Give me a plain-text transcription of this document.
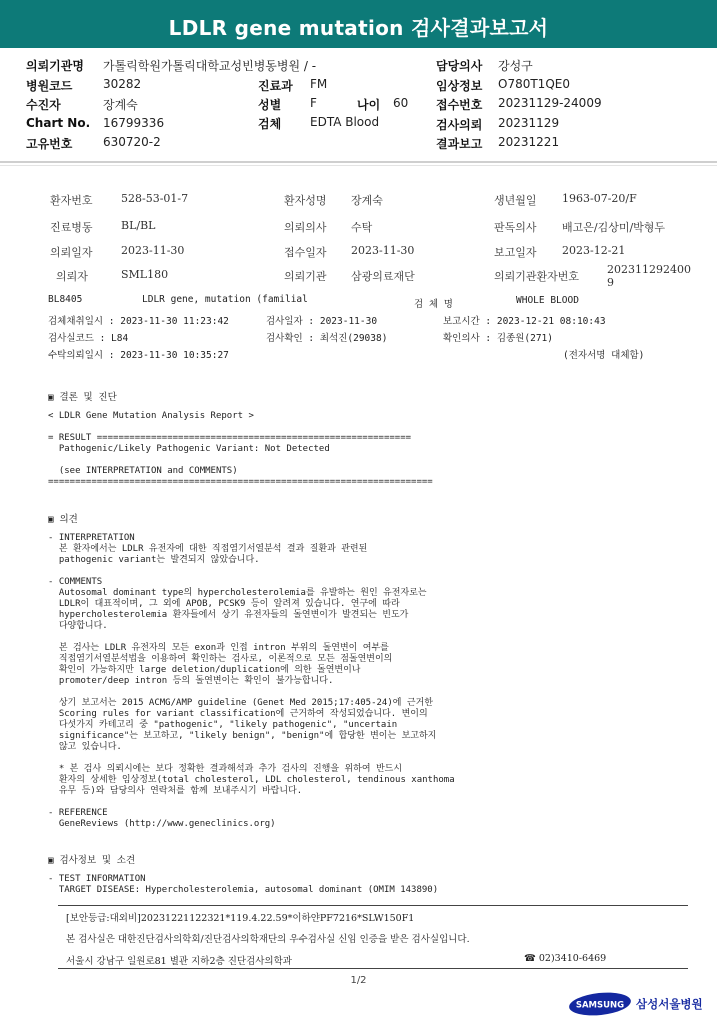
LDLR gene mutation 검사결과보고서
의뢰기관명 가톨릭학원가톨릭대학교성빈병동병원 / -	담당의사 강성구
병원코드	30282	진료과 FM	임상정보 O780T1QE0
수진자	장계숙	성별 F	나이 60 접수번호 20231129-24009
Chart No. 16799336	검체 EDTA Blood	검사의뢰 20231129
고유번호	630720-2	결과보고 20231221
환자번호	528-53-01-7	환자성명 장계숙	생년월일 1963-07-20/F
진료병동	BL/BL	의뢰의사 수탁	판독의사 배고은/김상미/박형두
의뢰일자	2023-11-30	접수일자 2023-11-30	보고일자 2023-12-21
의뢰자	SML180	의뢰기관 삼광의료재단	의뢰기관환자번호
202311292400
9
BL8405	LDLR gene, mutation (familial	검 체 명	WHOLE BLOOD
검체채취일시 : 2023-11-30 11:23:42	검사일자 : 2023-11-30	보고시간 : 2023-12-21 08:10:43
검사실코드 : L84	검사확인 : 최석진(29038)	확인의사 : 김종원(271)
수탁의뢰일시 : 2023-11-30 10:35:27	(전자서명 대체함)
▣ 결론 및 진단
< LDLR Gene Mutation Analysis Report >

= RESULT ==========================================================
Pathogenic/Likely Pathogenic Variant: Not Detected

(see INTERPRETATION and COMMENTS)
=======================================================================
▣ 의견
- INTERPRETATION
본 환자에서는 LDLR 유전자에 대한 직접염기서열분석 결과 질환과 관련된
pathogenic variant는 발견되지 않았습니다.

- COMMENTS
Autosomal dominant type의 hypercholesterolemia를 유발하는 원인 유전자로는
LDLR이 대표적이며, 그 외에 APOB, PCSK9 등이 알려져 있습니다. 연구에 따라
hypercholesterolemia 환자들에서 상기 유전자들의 돌연변이가 발견되는 빈도가
다양합니다.

본 검사는 LDLR 유전자의 모든 exon과 인접 intron 부위의 돌연변이 여부를
직접염기서열분석법을 이용하여 확인하는 검사로, 이론적으로 모든 점돌연변이의
확인이 가능하지만 large deletion/duplication에 의한 돌연변이나
promoter/deep intron 등의 돌연변이는 확인이 불가능합니다.

상기 보고서는 2015 ACMG/AMP guideline (Genet Med 2015;17:405-24)에 근거한
Scoring rules for variant classification에 근거하여 작성되었습니다. 변이의
다섯가지 카테고리 중 "pathogenic", "likely pathogenic", "uncertain
significance"는 보고하고, "likely benign", "benign"에 합당한 변이는 보고하지
않고 있습니다.

* 본 검사 의뢰시에는 보다 정확한 결과해석과 추가 검사의 진행을 위하여 반드시
환자의 상세한 임상정보(total cholesterol, LDL cholesterol, tendinous xanthoma
유무 등)와 담당의사 연락처를 함께 보내주시기 바랍니다.

- REFERENCE
GeneReviews (http://www.geneclinics.org)
▣ 검사정보 및 소견
- TEST INFORMATION
TARGET DISEASE: Hypercholesterolemia, autosomal dominant (OMIM 143890)
[보안등급:대외비]20231221122321*119.4.22.59*이하얀PF7216*SLW150F1
본 검사실은 대한진단검사의학회/진단검사의학재단의 우수검사실 신임 인증을 받은 검사실입니다.
서울시 강남구 일원로81 별관 지하2층 진단검사의학과	☎ 02)3410-6469
1/2
SAMSUNG 삼성서울병원
